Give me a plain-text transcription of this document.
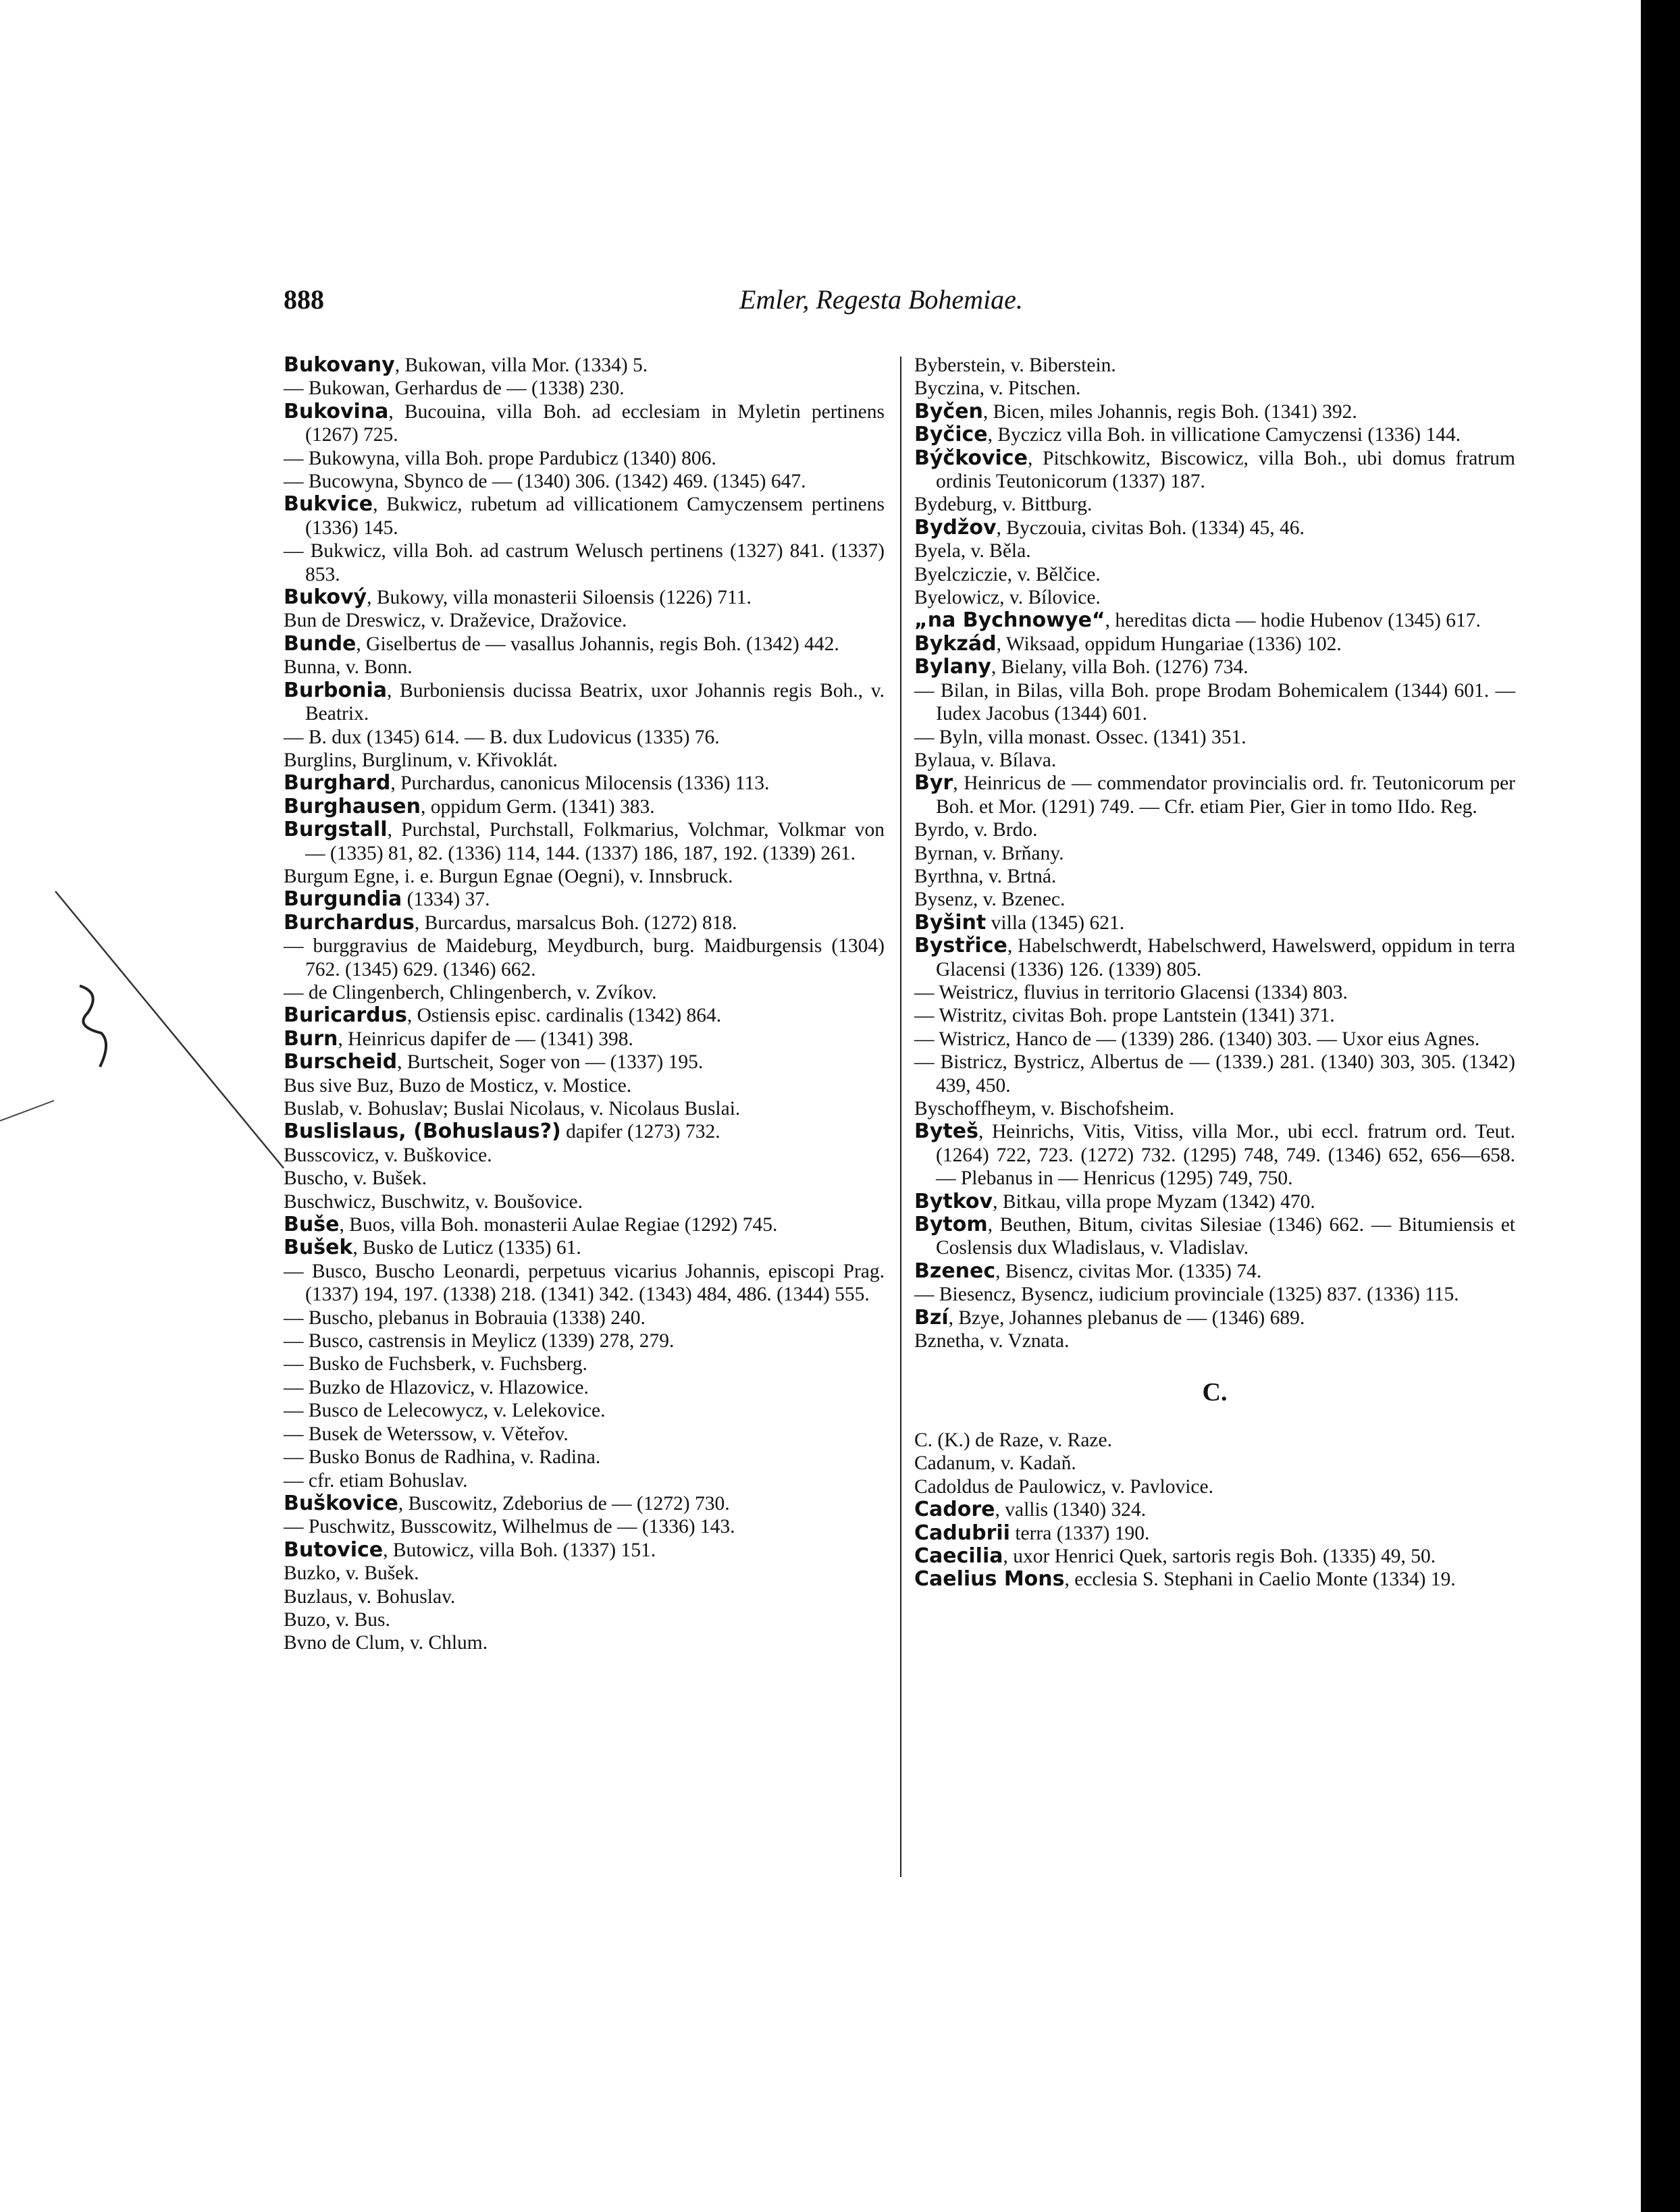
888	Emler, Regesta Bohemiae.

Bukovany, Bukowan, villa Mor. (1334) 5.

— Bukowan, Gerhardus de — (1338) 230.

Bukovina, Bucouina, villa Boh. ad ecclesiam in Myletin pertinens (1267) 725.

— Bukowyna, villa Boh. prope Pardubicz (1340) 806.

— Bucowyna, Sbynco de — (1340) 306. (1342) 469. (1345) 647.

Bukvice, Bukwicz, rubetum ad villicationem Camyczensem pertinens (1336) 145.

— Bukwicz, villa Boh. ad castrum Welusch pertinens (1327) 841. (1337) 853.

Bukový, Bukowy, villa monasterii Siloensis (1226) 711.

Bun de Dreswicz, v. Draževice, Dražovice.

Bunde, Giselbertus de — vasallus Johannis, regis Boh. (1342) 442.

Bunna, v. Bonn.

Burbonia, Burboniensis ducissa Beatrix, uxor Johannis regis Boh., v. Beatrix.

— B. dux (1345) 614. — B. dux Ludovicus (1335) 76.

Burglins, Burglinum, v. Křivoklát.

Burghard, Purchardus, canonicus Milocensis (1336) 113.

Burghausen, oppidum Germ. (1341) 383.

Burgstall, Purchstal, Purchstall, Folkmarius, Volchmar, Volkmar von — (1335) 81, 82. (1336) 114, 144. (1337) 186, 187, 192. (1339) 261.

Burgum Egne, i. e. Burgun Egnae (Oegni), v. Innsbruck.

Burgundia (1334) 37.

Burchardus, Burcardus, marsalcus Boh. (1272) 818.

— burggravius de Maideburg, Meydburch, burg. Maidburgensis (1304) 762. (1345) 629. (1346) 662.

— de Clingenberch, Chlingenberch, v. Zvíkov.

Buricardus, Ostiensis episc. cardinalis (1342) 864.

Burn, Heinricus dapifer de — (1341) 398.

Burscheid, Burtscheit, Soger von — (1337) 195.

Bus sive Buz, Buzo de Mosticz, v. Mostice.

Buslab, v. Bohuslav; Buslai Nicolaus, v. Nicolaus Buslai.

Buslislaus, (Bohuslaus?) dapifer (1273) 732.

Busscovicz, v. Buškovice.

Buscho, v. Bušek.

Buschwicz, Buschwitz, v. Boušovice.

Buše, Buos, villa Boh. monasterii Aulae Regiae (1292) 745.

Bušek, Busko de Luticz (1335) 61.

— Busco, Buscho Leonardi, perpetuus vicarius Johannis, episcopi Prag. (1337) 194, 197. (1338) 218. (1341) 342. (1343) 484, 486. (1344) 555.

— Buscho, plebanus in Bobrauia (1338) 240.

— Busco, castrensis in Meylicz (1339) 278, 279.

— Busko de Fuchsberk, v. Fuchsberg.

— Buzko de Hlazovicz, v. Hlazowice.

— Busco de Lelecowycz, v. Lelekovice.

— Busek de Weterssow, v. Věteřov.

— Busko Bonus de Radhina, v. Radina.

— cfr. etiam Bohuslav.

Buškovice, Buscowitz, Zdeborius de — (1272) 730.

— Puschwitz, Busscowitz, Wilhelmus de — (1336) 143.

Butovice, Butowicz, villa Boh. (1337) 151.

Buzko, v. Bušek.

Buzlaus, v. Bohuslav.

Buzo, v. Bus.

Bvno de Clum, v. Chlum.

Byberstein, v. Biberstein.

Byczina, v. Pitschen.

Byčen, Bicen, miles Johannis, regis Boh. (1341) 392.

Byčice, Byczicz villa Boh. in villicatione Camyczensi (1336) 144.

Býčkovice, Pitschkowitz, Biscowicz, villa Boh., ubi domus fratrum ordinis Teutonicorum (1337) 187.

Bydeburg, v. Bittburg.

Bydžov, Byczouia, civitas Boh. (1334) 45, 46.

Byela, v. Běla.

Byelcziczie, v. Bělčice.

Byelowicz, v. Bílovice.

„na Bychnowye“, hereditas dicta — hodie Hubenov (1345) 617.

Bykzád, Wiksaad, oppidum Hungariae (1336) 102.

Bylany, Bielany, villa Boh. (1276) 734.

— Bilan, in Bilas, villa Boh. prope Brodam Bohemicalem (1344) 601. — Iudex Jacobus (1344) 601.

— Byln, villa monast. Ossec. (1341) 351.

Bylaua, v. Bílava.

Byr, Heinricus de — commendator provincialis ord. fr. Teutonicorum per Boh. et Mor. (1291) 749. — Cfr. etiam Pier, Gier in tomo IIdo. Reg.

Byrdo, v. Brdo.

Byrnan, v. Brňany.

Byrthna, v. Brtná.

Bysenz, v. Bzenec.

Byšint villa (1345) 621.

Bystřice, Habelschwerdt, Habelschwerd, Hawelswerd, oppidum in terra Glacensi (1336) 126. (1339) 805.

— Weistricz, fluvius in territorio Glacensi (1334) 803.

— Wistritz, civitas Boh. prope Lantstein (1341) 371.

— Wistricz, Hanco de — (1339) 286. (1340) 303. — Uxor eius Agnes.

— Bistricz, Bystricz, Albertus de — (1339.) 281. (1340) 303, 305. (1342) 439, 450.

Byschoffheym, v. Bischofsheim.

Byteš, Heinrichs, Vitis, Vitiss, villa Mor., ubi eccl. fratrum ord. Teut. (1264) 722, 723. (1272) 732. (1295) 748, 749. (1346) 652, 656—658. — Plebanus in — Henricus (1295) 749, 750.

Bytkov, Bitkau, villa prope Myzam (1342) 470.

Bytom, Beuthen, Bitum, civitas Silesiae (1346) 662. — Bitumiensis et Coslensis dux Wladislaus, v. Vladislav.

Bzenec, Bisencz, civitas Mor. (1335) 74.

— Biesencz, Bysencz, iudicium provinciale (1325) 837. (1336) 115.

Bzí, Bzye, Johannes plebanus de — (1346) 689.

Bznetha, v. Vznata.

C.

C. (K.) de Raze, v. Raze.

Cadanum, v. Kadaň.

Cadoldus de Paulowicz, v. Pavlovice.

Cadore, vallis (1340) 324.

Cadubrii terra (1337) 190.

Caecilia, uxor Henrici Quek, sartoris regis Boh. (1335) 49, 50.

Caelius Mons, ecclesia S. Stephani in Caelio Monte (1334) 19.
